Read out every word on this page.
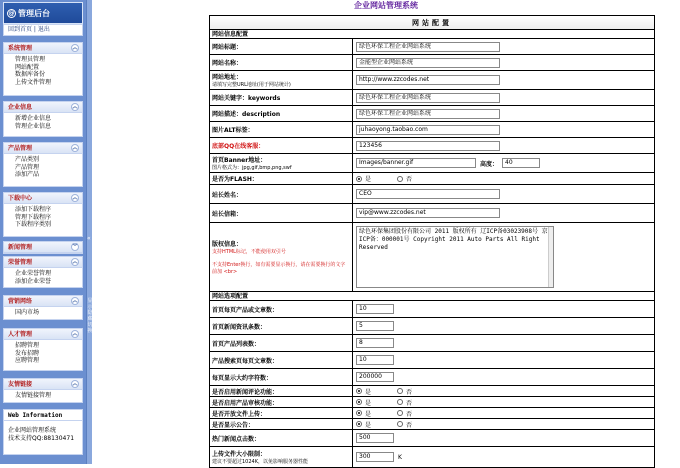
@ 管理后台
回到首页 | 退出
系统管理	︽
管理员管理
网站配置
数据库备份
上传文件管理
企业信息	︽
新增企业信息
管理企业信息
产品管理	︽
产品类别
产品管理
添加产品
下载中心	︽
添加下载程序
管理下载程序
下载程序类别
新闻管理	︾
荣誉管理	︽
企业荣誉管理
添加企业荣誉
营销网络	︽
国内市场
人才管理	︽
招聘管理
发布招聘
应聘管理
友情链接	︽
友情链接管理
Web Information
企业网站管理系统
技术支持QQ:88130471
«
显示隐藏 切换
企业网站管理系统
网站配置
网站信息配置
网站标题：	绿色环保工程企业网站系统
网站名称：	金能型企业网站系统
网站地址：
请填写完整URL地址(用于网站统计)
http://www.zzcodes.net
网站关键字：keywords	绿色环保工程企业网站系统
网站描述：description	绿色环保工程企业网站系统
图片ALT标签：	juhaoyong.taobao.com
底部QQ在线客服：	123456
首页Banner地址：
图片格式为：jpg,gif,bmp,png,swf
Images/banner.gif	高度：	40
是否为FLASH：	是	否
站长姓名：	CEO
站长信箱：	vip@www.zzcodes.net
版权信息：
支持HTML标记，不能使用双引号
不支持Enter换行，如有需要显示换行，请在需要换行的文字前加 <br>
绿色环保集团股份有限公司 2011 版权所有 辽ICP备03023908号 京ICP备：000001号 Copyright 2011 Auto Parts All Right Reserved
网站选项配置
首页每页产品或文章数：	10
首页新闻资讯条数：	5
首页产品列表数：	8
产品搜索页每页文章数：	10
每页显示大约字符数：	200000
是否启用新闻评论功能：	是	否
是否启用产品审核功能：	是	否
是否开放文件上传：	是	否
是否显示公告：	是	否
热门新闻点击数：	500
上传文件大小限制：
建议不要超过1024K，以免影响服务器性能
300	K
